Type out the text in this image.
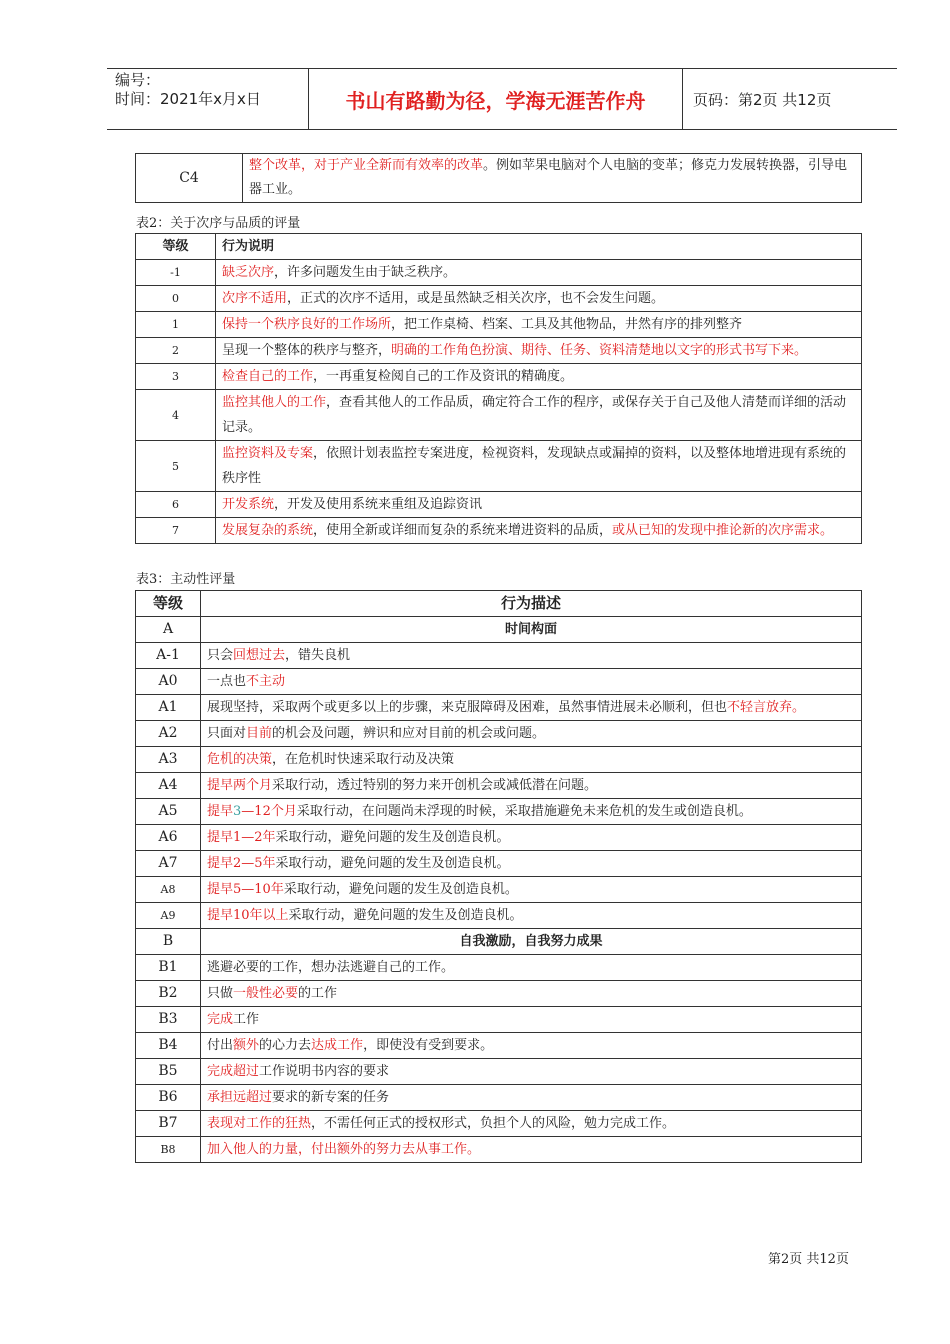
编号：
时间：2021年x月x日	书山有路勤为径，学海无涯苦作舟	页码：第2页 共12页
C4	整个改革，对于产业全新而有效率的改革。例如苹果电脑对个人电脑的变革；修克力发展转换器，引导电器工业。
表2：关于次序与品质的评量
等级	行为说明
-1	缺乏次序，许多问题发生由于缺乏秩序。
0	次序不适用，正式的次序不适用，或是虽然缺乏相关次序，也不会发生问题。
1	保持一个秩序良好的工作场所，把工作桌椅、档案、工具及其他物品，井然有序的排列整齐
2	呈现一个整体的秩序与整齐，明确的工作角色扮演、期待、任务、资料清楚地以文字的形式书写下来。
3	检查自己的工作，一再重复检阅自己的工作及资讯的精确度。
4	监控其他人的工作，查看其他人的工作品质，确定符合工作的程序，或保存关于自己及他人清楚而详细的活动记录。
5	监控资料及专案，依照计划表监控专案进度，检视资料，发现缺点或漏掉的资料，以及整体地增进现有系统的秩序性
6	开发系统，开发及使用系统来重组及追踪资讯
7	发展复杂的系统，使用全新或详细而复杂的系统来增进资料的品质，或从已知的发现中推论新的次序需求。
表3：主动性评量
等级	行为描述
A	时间构面
A-1	只会回想过去，错失良机
A0	一点也不主动
A1	展现坚持，采取两个或更多以上的步骤，来克服障碍及困难，虽然事情进展未必顺利，但也不轻言放弃。
A2	只面对目前的机会及问题，辨识和应对目前的机会或问题。
A3	危机的决策，在危机时快速采取行动及决策
A4	提早两个月采取行动，透过特别的努力来开创机会或减低潜在问题。
A5	提早3—12个月采取行动，在问题尚未浮现的时候，采取措施避免未来危机的发生或创造良机。
A6	提早1—2年采取行动，避免问题的发生及创造良机。
A7	提早2—5年采取行动，避免问题的发生及创造良机。
A8	提早5—10年采取行动，避免问题的发生及创造良机。
A9	提早10年以上采取行动，避免问题的发生及创造良机。
B	自我激励，自我努力成果
B1	逃避必要的工作，想办法逃避自己的工作。
B2	只做一般性必要的工作
B3	完成工作
B4	付出额外的心力去达成工作，即使没有受到要求。
B5	完成超过工作说明书内容的要求
B6	承担远超过要求的新专案的任务
B7	表现对工作的狂热，不需任何正式的授权形式，负担个人的风险，勉力完成工作。
B8	加入他人的力量，付出额外的努力去从事工作。
第2页 共12页
